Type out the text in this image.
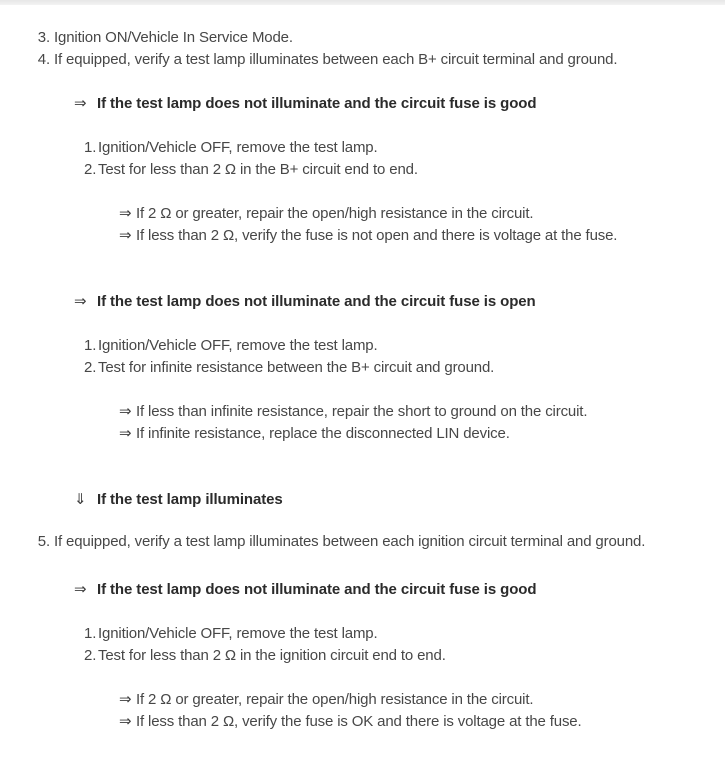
3. Ignition ON/Vehicle In Service Mode.
4. If equipped, verify a test lamp illuminates between each B+ circuit terminal and ground.
⇒ If the test lamp does not illuminate and the circuit fuse is good
1. Ignition/Vehicle OFF, remove the test lamp.
2. Test for less than 2 Ω in the B+ circuit end to end.
⇒ If 2 Ω or greater, repair the open/high resistance in the circuit.
⇒ If less than 2 Ω, verify the fuse is not open and there is voltage at the fuse.
⇒ If the test lamp does not illuminate and the circuit fuse is open
1. Ignition/Vehicle OFF, remove the test lamp.
2. Test for infinite resistance between the B+ circuit and ground.
⇒ If less than infinite resistance, repair the short to ground on the circuit.
⇒ If infinite resistance, replace the disconnected LIN device.
⇓ If the test lamp illuminates
5. If equipped, verify a test lamp illuminates between each ignition circuit terminal and ground.
⇒ If the test lamp does not illuminate and the circuit fuse is good
1. Ignition/Vehicle OFF, remove the test lamp.
2. Test for less than 2 Ω in the ignition circuit end to end.
⇒ If 2 Ω or greater, repair the open/high resistance in the circuit.
⇒ If less than 2 Ω, verify the fuse is OK and there is voltage at the fuse.
